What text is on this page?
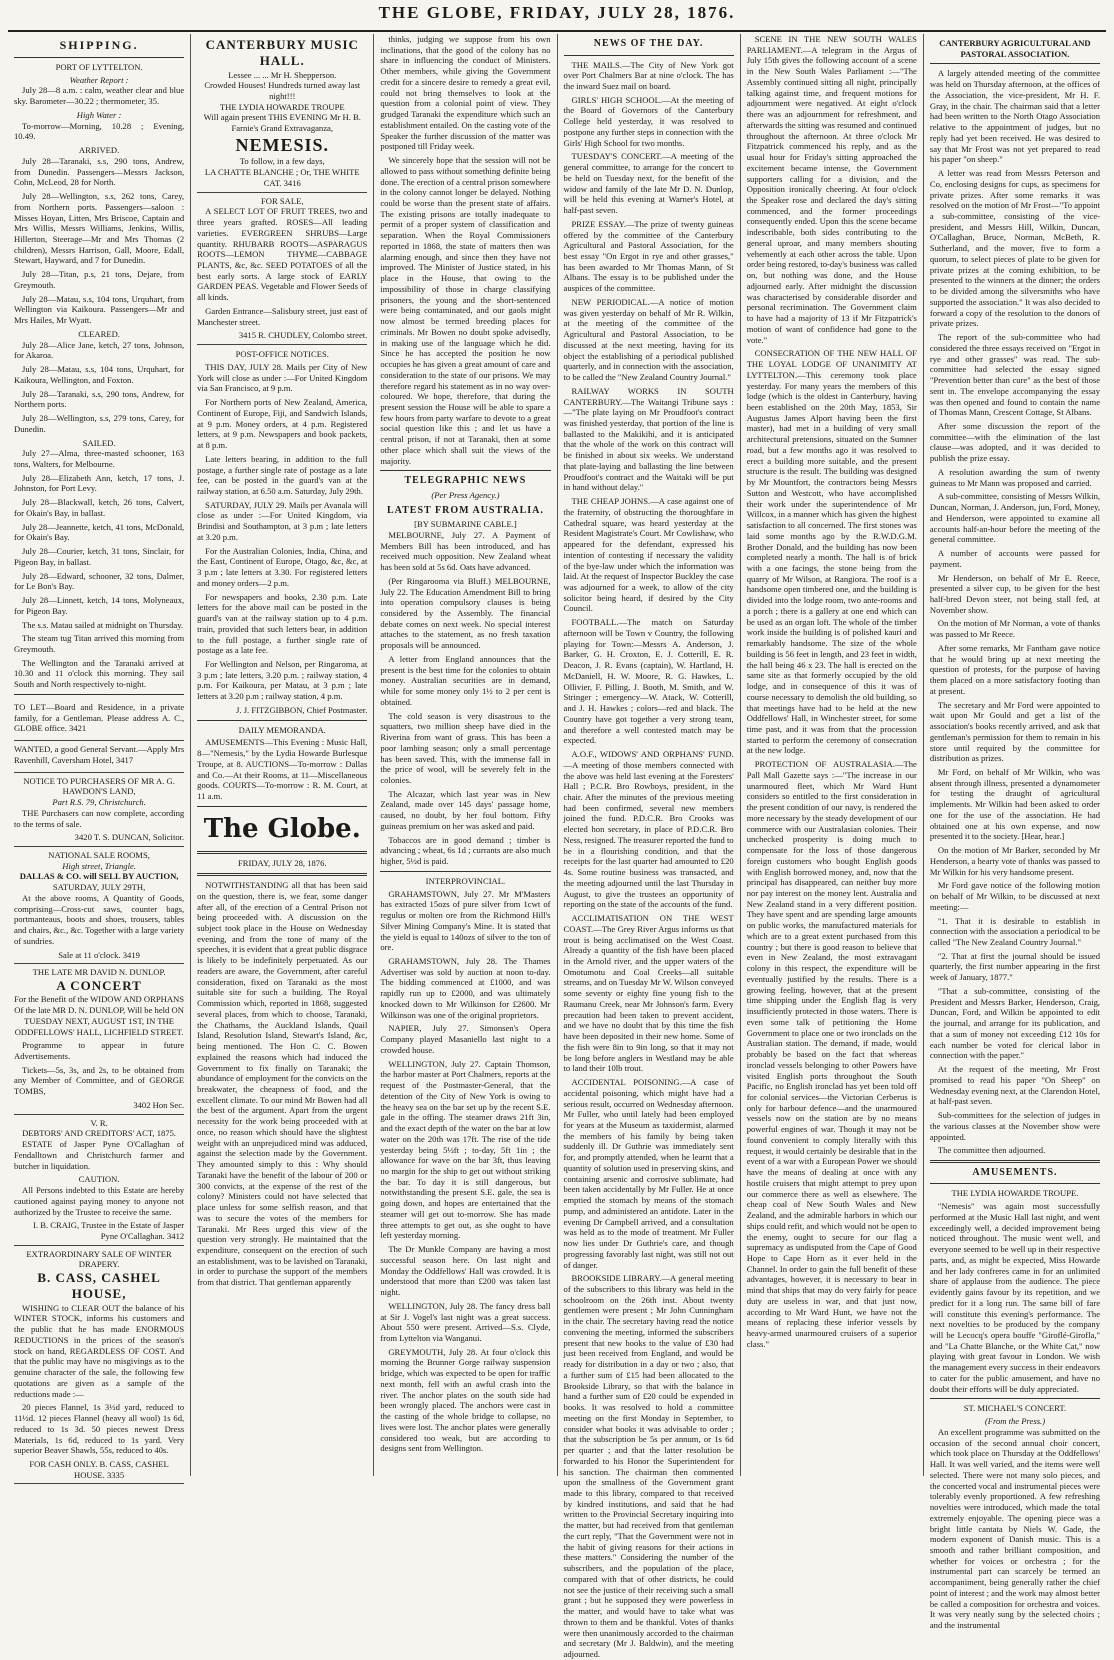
THE GLOBE, FRIDAY, JULY 28, 1876.
SHIPPING.
PORT OF LYTTELTON.
Weather Report :

July 28—8 a.m. : calm, weather clear and blue sky. Barometer—30.22 ; thermometer, 35.

High Water :

To-morrow—Morning, 10.28 ; Evening, 10.49.

ARRIVED.

July 28—Taranaki, s.s, 290 tons, Andrew, from Dunedin. Passengers—Messrs Jackson, Cohn, McLeod, 28 for North.

July 28—Wellington, s.s, 262 tons, Carey, from Northern ports. Passengers—saloon : Misses Hoyan, Litten, Mrs Briscoe, Captain and Mrs Willis, Messrs Williams, Jenkins, Willis, Hillerton, Steerage—Mr and Mrs Thomas (2 children), Messrs Harrison, Gall, Moore, Edall, Stewart, Hayward, and 7 for Dunedin.

July 28—Titan, p.s, 21 tons, Dejare, from Greymouth.

July 28—Matau, s.s, 104 tons, Urquhart, from Wellington via Kaikoura. Passengers—Mr and Mrs Hailes, Mr Wyatt.

CLEARED.

July 28—Alice Jane, ketch, 27 tons, Johnson, for Akaroa.

July 28—Matau, s.s, 104 tons, Urquhart, for Kaikoura, Wellington, and Foxton.

July 28—Taranaki, s.s, 290 tons, Andrew, for Northern ports.

July 28—Wellington, s.s, 279 tons, Carey, for Dunedin.

SAILED.

July 27—Alma, three-masted schooner, 163 tons, Walters, for Melbourne.

July 28—Elizabeth Ann, ketch, 17 tons, J. Johnston, for Port Levy.

July 28—Blackwall, ketch, 26 tons, Calvert, for Okain's Bay, in ballast.

July 28—Jeannette, ketch, 41 tons, McDonald, for Okain's Bay.

July 28—Courier, ketch, 31 tons, Sinclair, for Pigeon Bay, in ballast.

July 28—Edward, schooner, 32 tons, Dalmer, for Le Bon's Bay.

July 28—Linnett, ketch, 14 tons, Molyneaux, for Pigeon Bay.

The s.s. Matau sailed at midnight on Thursday.

The steam tug Titan arrived this morning from Greymouth.

The Wellington and the Taranaki arrived at 10.30 and 11 o'clock this morning. They sail South and North respectively to-night.

TO LET—Board and Residence, in a private family, for a Gentleman. Please address A. C., GLOBE office. 3421

WANTED, a good General Servant.—Apply Mrs Ravenhill, Caversham Hotel, 3417

NOTICE TO PURCHASERS OF MR A. G. HAWDON'S LAND,
Part R.S. 79, Christchurch.

THE Purchasers can now complete, according to the terms of sale.

3420 T. S. DUNCAN, Solicitor.
NATIONAL SALE ROOMS,
High street, Triangle.
DALLAS & CO. will SELL BY AUCTION,
SATURDAY, JULY 29TH,

At the above rooms, A Quantity of Goods, comprising—Cross-cut saws, counter bags, portmanteaus, boots and shoes, trousers, tables and chairs, &c., &c. Together with a large variety of sundries.

Sale at 11 o'clock. 3419
THE LATE MR DAVID N. DUNLOP.
A CONCERT

For the Benefit of the WIDOW AND ORPHANS Of the late MR D. N. DUNLOP, Will be held ON TUESDAY NEXT, AUGUST 1ST, IN THE ODDFELLOWS' HALL, LICHFIELD STREET.

Programme to appear in future Advertisements.

Tickets—5s, 3s, and 2s, to be obtained from any Member of Committee, and of GEORGE TOMBS,

3402 Hon Sec.
V. R.
DEBTORS' AND CREDITORS' ACT, 1875.

ESTATE of Jasper Pyne O'Callaghan of Fendalltown and Christchurch farmer and butcher in liquidation.

CAUTION.

All Persons indebted to this Estate are hereby cautioned against paying money to anyone not authorized by the Trustee to receive the same.

I. B. CRAIG, Trustee in the Estate of Jasper Pyne O'Callaghan. 3412
EXTRAORDINARY SALE OF WINTER DRAPERY.
B. CASS, CASHEL HOUSE,

WISHING to CLEAR OUT the balance of his WINTER STOCK, informs his customers and the public that he has made ENORMOUS REDUCTIONS in the prices of the season's stock on hand, REGARDLESS OF COST. And that the public may have no misgivings as to the genuine character of the sale, the following few quotations are given as a sample of the reductions made :—

20 pieces Flannel, 1s 3½d yard, reduced to 11½d. 12 pieces Flannel (heavy all wool) 1s 6d, reduced to 1s 3d. 50 pieces newest Dress Materials, 1s 6d, reduced to 1s yard. Very superior Beaver Shawls, 55s, reduced to 40s.

FOR CASH ONLY. B. CASS, CASHEL HOUSE. 3335
CANTERBURY MUSIC HALL.
Lessee ... ... Mr H. Shepperson.
Crowded Houses! Hundreds turned away last night!!!
THE LYDIA HOWARDE TROUPE
Will again present THIS EVENING Mr H. B. Farnie's Grand Extravaganza,
NEMESIS.
To follow, in a few days,
LA CHATTE BLANCHE ; Or, THE WHITE CAT. 3416
FOR SALE,

A SELECT LOT OF FRUIT TREES, two and three years grafted. ROSES—All leading varieties. EVERGREEN SHRUBS—Large quantity. RHUBARB ROOTS—ASPARAGUS ROOTS—LEMON THYME—CABBAGE PLANTS, &c, &c. SEED POTATOES of all the best early sorts. A large stock of EARLY GARDEN PEAS. Vegetable and Flower Seeds of all kinds.

Garden Entrance—Salisbury street, just east of Manchester street.

3415 R. CHUDLEY, Colombo street.
POST-OFFICE NOTICES.

THIS DAY, JULY 28. Mails per City of New York will close as under :—For United Kingdom via San Francisco, at 9 p.m.

For Northern ports of New Zealand, America, Continent of Europe, Fiji, and Sandwich Islands, at 9 p.m. Money orders, at 4 p.m. Registered letters, at 9 p.m. Newspapers and book packets, at 8 p.m.

Late letters bearing, in addition to the full postage, a further single rate of postage as a late fee, can be posted in the guard's van at the railway station, at 6.50 a.m. Saturday, July 29th.

SATURDAY, JULY 29. Mails per Avanala will close as under :—For United Kingdom, via Brindisi and Southampton, at 3 p.m ; late letters at 3.20 p.m.

For the Australian Colonies, India, China, and the East, Continent of Europe, Otago, &c, &c, at 3 p.m ; late letters at 3.30. For registered letters and money orders—2 p.m.

For newspapers and books, 2.30 p.m. Late letters for the above mail can be posted in the guard's van at the railway station up to 4 p.m. train, provided that such letters bear, in addition to the full postage, a further single rate of postage as a late fee.

For Wellington and Nelson, per Ringaroma, at 3 p.m ; late letters, 3.20 p.m. ; railway station, 4 p.m. For Kaikoura, per Matau, at 3 p.m ; late letters at 3.20 p.m ; railway station, 4 p.m.

J. J. FITZGIBBON, Chief Postmaster.
DAILY MEMORANDA.

AMUSEMENTS—This Evening : Music Hall, 8—"Nemesis," by the Lydia Howarde Burlesque Troupe, at 8. AUCTIONS—To-morrow : Dallas and Co.—At their Rooms, at 11—Miscellaneous goods. COURTS—To-morrow : R. M. Court, at 11 a.m.

The Globe.
FRIDAY, JULY 28, 1876.

NOTWITHSTANDING all that has been said on the question, there is, we fear, some danger after all, of the erection of a Central Prison not being proceeded with. A discussion on the subject took place in the House on Wednesday evening, and from the tone of many of the speeches, it is evident that a great public disgrace is likely to be indefinitely perpetuated. As our readers are aware, the Government, after careful consideration, fixed on Taranaki as the most suitable site for such a building. The Royal Commission which, reported in 1868, suggested several places, from which to choose, Taranaki, the Chathams, the Auckland Islands, Quail Island, Resolution Island, Stewart's Island, &c, being mentioned. The Hon C. C. Bowen explained the reasons which had induced the Government to fix finally on Taranaki; the abundance of employment for the convicts on the breakwater, the cheapness of food, and the excellent climate. To our mind Mr Bowen had all the best of the argument. Apart from the urgent necessity for the work being proceeded with at once, no reason which should have the slightest weight with an unprejudiced mind was adduced, against the selection made by the Government. They amounted simply to this : Why should Taranaki have the benefit of the labour of 200 or 300 convicts, at the expense of the rest of the colony? Ministers could not have selected that place unless for some selfish reason, and that was to secure the votes of the members for Taranaki. Mr Rees urged this view of the question very strongly. He maintained that the expenditure, consequent on the erection of such an establishment, was to be lavished on Taranaki, in order to purchase the support of the members from that district. That gentleman apparently

thinks, judging we suppose from his own inclinations, that the good of the colony has no share in influencing the conduct of Ministers. Other members, while giving the Government credit for a sincere desire to remedy a great evil, could not bring themselves to look at the question from a colonial point of view. They grudged Taranaki the expenditure which such an establishment entailed. On the casting vote of the Speaker the further discussion of the matter was postponed till Friday week.

We sincerely hope that the session will not be allowed to pass without something definite being done. The erection of a central prison somewhere in the colony cannot longer be delayed. Nothing could be worse than the present state of affairs. The existing prisons are totally inadequate to permit of a proper system of classification and separation. When the Royal Commissioners reported in 1868, the state of matters then was alarming enough, and since then they have not improved. The Minister of Justice stated, in his place in the House, that owing to the impossibility of those in charge classifying prisoners, the young and the short-sentenced were being contaminated, and our gaols might now almost be termed breeding places for criminals. Mr Bowen no doubt spoke advisedly, in making use of the language which he did. Since he has accepted the position he now occupies he has given a great amount of care and consideration to the state of our prisons. We may therefore regard his statement as in no way over-coloured. We hope, therefore, that during the present session the House will be able to spare a few hours from party warfare to devote to a great social question like this ; and let us have a central prison, if not at Taranaki, then at some other place which shall suit the views of the majority.

TELEGRAPHIC NEWS
(Per Press Agency.)
LATEST FROM AUSTRALIA.
[BY SUBMARINE CABLE.]

MELBOURNE, July 27. A Payment of Members Bill has been introduced, and has received much opposition. New Zealand wheat has been sold at 5s 6d. Oats have advanced.

(Per Ringarooma via Bluff.) MELBOURNE, July 22. The Education Amendment Bill to bring into operation compulsory clauses is being considered by the Assembly. The financial debate comes on next week. No special interest attaches to the statement, as no fresh taxation proposals will be announced.

A letter from England announces that the present is the best time for the colonies to obtain money. Australian securities are in demand, while for some money only 1½ to 2 per cent is obtained.

The cold season is very disastrous to the squatters, two million sheep have died in the Riverina from want of grass. This has been a poor lambing season; only a small percentage has been saved. This, with the immense fall in the price of wool, will be severely felt in the colonies.

The Alcazar, which last year was in New Zealand, made over 145 days' passage home, caused, no doubt, by her foul bottom. Fifty guineas premium on her was asked and paid.

Tobaccos are in good demand ; timber is advancing ; wheat, 6s 1d ; currants are also much higher, 5½d is paid.

INTERPROVINCIAL.

GRAHAMSTOWN, July 27. Mr M'Masters has extracted 15ozs of pure silver from 1cwt of regulus or molten ore from the Richmond Hill's Silver Mining Company's Mine. It is stated that the yield is equal to 140ozs of silver to the ton of ore.

GRAHAMSTOWN, July 28. The Thames Advertiser was sold by auction at noon to-day. The bidding commenced at £1000, and was rapidly run up to £2000, and was ultimately knocked down to Mr Wilkinson for £2600. Mr Wilkinson was one of the original proprietors.

NAPIER, July 27. Simonsen's Opera Company played Masaniello last night to a crowded house.

WELLINGTON, July 27. Captain Thomson, the harbor master at Port Chalmers, reports at the request of the Postmaster-General, that the detention of the City of New York is owing to the heavy sea on the bar set up by the recent S.E. gale in the offing. The steamer draws 21ft 3in, and the exact depth of the water on the bar at low water on the 20th was 17ft. The rise of the tide yesterday being 5½ft ; to-day, 5ft 1in ; the allowance for wave on the bar 3ft, thus leaving no margin for the ship to get out without striking the bar. To day it is still dangerous, but notwithstanding the present S.E. gale, the sea is going down, and hopes are entertained that the steamer will get out to-morrow. She has made three attempts to get out, as she ought to have left yesterday morning.

The Dr Munkle Company are having a most successful season here. On last night and Monday the Oddfellows' Hall was crowded. It is understood that more than £200 was taken last night.

WELLINGTON, July 28. The fancy dress ball at Sir J. Vogel's last night was a great success. About 550 were present. Arrived—S.s. Clyde, from Lyttelton via Wanganui.

GREYMOUTH, July 28. At four o'clock this morning the Brunner Gorge railway suspension bridge, which was expected to be open for traffic next month, fell with an awful crash into the river. The anchor plates on the south side had been wrongly placed. The anchors were cast in the casting of the whole bridge to collapse, no lives were lost. The anchor plates were generally considered too weak, but are according to designs sent from Wellington.

NEWS OF THE DAY.

THE MAILS.—The City of New York got over Port Chalmers Bar at nine o'clock. The has the inward Suez mail on board.

GIRLS' HIGH SCHOOL.—At the meeting of the Board of Governors of the Canterbury College held yesterday, it was resolved to postpone any further steps in connection with the Girls' High School for two months.

TUESDAY'S CONCERT.—A meeting of the general committee, to arrange for the concert to be held on Tuesday next, for the benefit of the widow and family of the late Mr D. N. Dunlop, will be held this evening at Warner's Hotel, at half-past seven.

PRIZE ESSAY.—The prize of twenty guineas offered by the committee of the Canterbury Agricultural and Pastoral Association, for the best essay "On Ergot in rye and other grasses," has been awarded to Mr Thomas Mann, of St Albans. The essay is to be published under the auspices of the committee.

NEW PERIODICAL.—A notice of motion was given yesterday on behalf of Mr R. Wilkin, at the meeting of the committee of the Agricultural and Pastoral Association, to be discussed at the next meeting, having for its object the establishing of a periodical published quarterly, and in connection with the association, to be called the "New Zealand Country Journal."

RAILWAY WORKS IN SOUTH CANTERBURY.—The Waitangi Tribune says :—"The plate laying on Mr Proudfoot's contract was finished yesterday, that portion of the line is ballasted to the Makikihi, and it is anticipated that the whole of the work on this contract will be finished in about six weeks. We understand that plate-laying and ballasting the line between Proudfoot's contract and the Waitaki will be put in hand without delay."

THE CHEAP JOHNS.—A case against one of the fraternity, of obstructing the thoroughfare in Cathedral square, was heard yesterday at the Resident Magistrate's Court. Mr Cowlishaw, who appeared for the defendant, expressed his intention of contesting if necessary the validity of the bye-law under which the information was laid. At the request of Inspector Buckley the case was adjourned for a week, to allow of the city solicitor being heard, if desired by the City Council.

FOOTBALL.—The match on Saturday afternoon will be Town v Country, the following playing for Town:—Messrs A. Anderson, J. Barker, G. H. Croxton, E. J. Cotterill, E. R. Deacon, J. R. Evans (captain), W. Hartland, H. McDaniell, H. W. Moore, R. G. Hawkes, L. Ollivier, F. Pilling, J. Booth, M. Smith, and W. Stringer ; emergency—W. Atack, W. Cotterill, and J. H. Hawkes ; colors—red and black. The Country have got together a very strong team, and therefore a well contested match may be expected.

A.O.F., WIDOWS' AND ORPHANS' FUND.—A meeting of those members connected with the above was held last evening at the Foresters' Hall ; P.C.R. Bro Rowboys, president, in the chair. After the minutes of the previous meeting had been confirmed, several new members joined the fund. P.D.C.R. Bro Crooks was elected hon secretary, in place of P.D.C.R. Bro Ness, resigned. The treasurer reported the fund to be in a flourishing condition, and that the receipts for the last quarter had amounted to £20 4s. Some routine business was transacted, and the meeting adjourned until the last Thursday in August, to give the trustees an opportunity of reporting on the state of the accounts of the fund.

ACCLIMATISATION ON THE WEST COAST.—The Grey River Argus informs us that trout is being acclimatised on the West Coast. Already a quantity of the fish have been placed in the Arnold river, and the upper waters of the Omotumotu and Coal Creeks—all suitable streams, and on Tuesday Mr W. Wilson conveyed some seventy or eighty fine young fish to the Raumanu Creek, near Mr Johnson's farm. Every precaution had been taken to prevent accident, and we have no doubt that by this time the fish have been deposited in their new home. Some of the fish were 8in to 9in long, so that it may not be long before anglers in Westland may be able to land their 10lb trout.

ACCIDENTAL POISONING.—A case of accidental poisoning, which might have had a serious result, occurred on Wednesday afternoon. Mr Fuller, who until lately had been employed for years at the Museum as taxidermist, alarmed the members of his family by being taken suddenly ill. Dr Guthrie was immediately sent for, and promptly attended, when he learnt that a quantity of solution used in preserving skins, and containing arsenic and corrosive sublimate, had been taken accidentally by Mr Fuller. He at once emptied the stomach by means of the stomach pump, and administered an antidote. Later in the evening Dr Campbell arrived, and a consultation was held as to the mode of treatment. Mr Fuller now lies under Dr Guthrie's care, and though progressing favorably last night, was still not out of danger.

BROOKSIDE LIBRARY.—A general meeting of the subscribers to this library was held in the schoolroom on the 26th inst. About twenty gentlemen were present ; Mr John Cunningham in the chair. The secretary having read the notice convening the meeting, informed the subscribers present that new books to the value of £30 had just been received from England, and would be ready for distribution in a day or two ; also, that a further sum of £15 had been allocated to the Brookside Library, so that with the balance in hand a further sum of £20 could be expended in books. It was resolved to hold a committee meeting on the first Monday in September, to consider what books it was advisable to order ; that the subscription be 5s per annum, or 1s 6d per quarter ; and that the latter resolution be forwarded to his Honor the Superintendent for his sanction. The chairman then commented upon the smallness of the Government grant made to this library, compared to that received by kindred institutions, and said that he had written to the Provincial Secretary inquiring into the matter, but had received from that gentleman the curt reply, "That the Government were not in the habit of giving reasons for their actions in these matters." Considering the number of the subscribers, and the population of the place, compared with that of other districts, he could not see the justice of their receiving such a small grant ; but he supposed they were powerless in the matter, and would have to take what was thrown to them and be thankful. Votes of thanks were then unanimously accorded to the chairman and secretary (Mr J. Baldwin), and the meeting adjourned.

SCENE IN THE NEW SOUTH WALES PARLIAMENT.—A telegram in the Argus of July 15th gives the following account of a scene in the New South Wales Parliament :—"The Assembly continued sitting all night, principally talking against time, and frequent motions for adjournment were negatived. At eight o'clock there was an adjournment for refreshment, and afterwards the sitting was resumed and continued throughout the afternoon. At three o'clock Mr Fitzpatrick commenced his reply, and as the usual hour for Friday's sitting approached the excitement became intense, the Government supporters calling for a division, and the Opposition ironically cheering. At four o'clock the Speaker rose and declared the day's sitting commenced, and the former proceedings consequently ended. Upon this the scene became indescribable, both sides contributing to the general uproar, and many members shouting vehemently at each other across the table. Upon order being restored, to-day's business was called on, but nothing was done, and the House adjourned early. After midnight the discussion was characterised by considerable disorder and personal recrimination. The Government claim to have had a majority of 13 if Mr Fitzpatrick's motion of want of confidence had gone to the vote."

CONSECRATION OF THE NEW HALL OF THE LOYAL LODGE OF UNANIMITY AT LYTTELTON.—This ceremony took place yesterday. For many years the members of this lodge (which is the oldest in Canterbury, having been established on the 20th May, 1853, Sir Augustus James Alport having been the first master), had met in a building of very small architectural pretensions, situated on the Sumner road, but a few months ago it was resolved to erect a building more suitable, and the present structure is the result. The building was designed by Mr Mountfort, the contractors being Messrs Sutton and Westcott, who have accomplished their work under the superintendence of Mr Willcox, in a manner which has given the highest satisfaction to all concerned. The first stones was laid some months ago by the R.W.D.G.M. Brother Donald, and the building has now been completed nearly a month. The hall is of brick with a one facings, the stone being from the quarry of Mr Wilson, at Rangiora. The roof is a handsome open timbered one, and the building is divided into the lodge room, two ante-rooms and a porch ; there is a gallery at one end which can be used as an organ loft. The whole of the timber work inside the building is of polished kauri and remarkably handsome. The size of the whole building is 56 feet in length, and 23 feet in width, the hall being 46 x 23. The hall is erected on the same site as that formerly occupied by the old lodge, and in consequence of this it was of course necessary to demolish the old building, so that meetings have had to be held at the new Oddfellows' Hall, in Winchester street, for some time past, and it was from that the procession started to perform the ceremony of consecration at the new lodge.

PROTECTION OF AUSTRALASIA.—The Pall Mall Gazette says :—"The increase in our unarmoured fleet, which Mr Ward Hunt considers so entitled to the first consideration in the present condition of our navy, is rendered the more necessary by the steady development of our commerce with our Australasian colonies. Their unchecked prosperity is doing much to compensate for the loss of those dangerous foreign customers who bought English goods with English borrowed money, and, now that the principal has disappeared, can neither buy more nor pay interest on the money lent. Australia and New Zealand stand in a very different position. They have spent and are spending large amounts on public works, the manufactured materials for which are to a great extent purchased from this country ; but there is good reason to believe that even in New Zealand, the most extravagant colony in this respect, the expenditure will be eventually justified by the results. There is a growing feeling, however, that at the present time shipping under the English flag is very insufficiently protected in those waters. There is even some talk of petitioning the Home Government to place one or two ironclads on the Australian station. The demand, if made, would probably be based on the fact that whereas ironclad vessels belonging to other Powers have visited English ports throughout the South Pacific, no English ironclad has yet been told off for colonial services—the Victorian Cerberus is only for harbour defence—and the unarmoured vessels now on the station are by no means powerful engines of war. Though it may not be found convenient to comply literally with this request, it would certainly be desirable that in the event of a war with a European Power we should have the means of dealing at once with any hostile cruisers that might attempt to prey upon our commerce there as well as elsewhere. The cheap coal of New South Wales and New Zealand, and the admirable harbors in which our ships could refit, and which would not be open to the enemy, ought to secure for our flag a supremacy as undisputed from the Cape of Good Hope to Cape Horn as it ever held in the Channel. In order to gain the full benefit of these advantages, however, it is necessary to bear in mind that ships that may do very fairly for peace duty are useless in war, and that just now, according to Mr Ward Hunt, we have not the means of replacing these inferior vessels by heavy-armed unarmoured cruisers of a superior class."

CANTERBURY AGRICULTURAL AND PASTORAL ASSOCIATION.

A largely attended meeting of the committee was held on Thursday afternoon, at the offices of the Association, the vice-president, Mr H. F. Gray, in the chair. The chairman said that a letter had been written to the North Otago Association relative to the appointment of judges, but no reply had yet been received. He was desired to say that Mr Frost was not yet prepared to read his paper "on sheep."

A letter was read from Messrs Peterson and Co, enclosing designs for cups, as specimens for private prizes. After some remarks it was resolved on the motion of Mr Frost—"To appoint a sub-committee, consisting of the vice-president, and Messrs Hill, Wilkin, Duncan, O'Callaghan, Bruce, Norman, McBeth, R. Sutherland, and the mover, five to form a quorum, to select pieces of plate to be given for private prizes at the coming exhibition, to be presented to the winners at the dinner; the orders to be divided among the silversmiths who have supported the association." It was also decided to forward a copy of the resolution to the donors of private prizes.

The report of the sub-committee who had considered the three essays received on "Ergot in rye and other grasses" was read. The sub-committee had selected the essay signed "Prevention better than cure" as the best of those sent in. The envelope accompanying the essay was then opened and found to contain the name of Thomas Mann, Crescent Cottage, St Albans.

After some discussion the report of the committee—with the elimination of the last clause—was adopted, and it was decided to publish the prize essay.

A resolution awarding the sum of twenty guineas to Mr Mann was proposed and carried.

A sub-committee, consisting of Messrs Wilkin, Duncan, Norman, J. Anderson, jun, Ford, Money, and Henderson, were appointed to examine all accounts half-an-hour before the meeting of the general committee.

A number of accounts were passed for payment.

Mr Henderson, on behalf of Mr E. Reece, presented a silver cup, to be given for the best half-bred Devon steer, not being stall fed, at November show.

On the motion of Mr Norman, a vote of thanks was passed to Mr Reece.

After some remarks, Mr Fantham gave notice that he would bring up at next meeting the question of protests, for the purpose of having them placed on a more satisfactory footing than at present.

The secretary and Mr Ford were appointed to wait upon Mr Gould and get a list of the association's books recently arrived, and ask that gentleman's permission for them to remain in his store until required by the committee for distribution as prizes.

Mr Ford, on behalf of Mr Wilkin, who was absent through illness, presented a dynamometer for testing the draught of agricultural implements. Mr Wilkin had been asked to order one for the use of the association. He had obtained one at his own expense, and now presented it to the society. [Hear, hear.]

On the motion of Mr Barker, seconded by Mr Henderson, a hearty vote of thanks was passed to Mr Wilkin for his very handsome present.

Mr Ford gave notice of the following motion on behalf of Mr Wilkin, to be discussed at next meeting:—

"1. That it is desirable to establish in connection with the association a periodical to be called "The New Zealand Country Journal."

"2. That at first the journal should be issued quarterly, the first number appearing in the first week of January, 1877."

"That a sub-committee, consisting of the President and Messrs Barker, Henderson, Craig, Duncan, Ford, and Wilkin be appointed to edit the journal, and arrange for its publication, and that a sum of money not exceeding £12 10s for each number be voted for clerical labor in connection with the paper."

At the request of the meeting, Mr Frost promised to read his paper "On Sheep" on Wednesday evening next, at the Clarendon Hotel, at half-past seven.

Sub-committees for the selection of judges in the various classes at the November show were appointed.

The committee then adjourned.

AMUSEMENTS.
THE LYDIA HOWARDE TROUPE.

"Nemesis" was again most successfully performed at the Music Hall last night, and went exceedingly well, a decided improvement being noticed throughout. The music went well, and everyone seemed to be well up in their respective parts, and, as might be expected, Miss Howarde and her lady confreres came in for an unlimited share of applause from the audience. The piece evidently gains favour by its repetition, and we predict for it a long run. The same bill of fare will constitute this evening's performance. The next novelties to be produced by the company will be Lecocq's opera bouffe "Giroflé-Girofla," and "La Chatte Blanche, or the White Cat," now playing with great favour in London. We wish the management every success in their endeavors to cater for the public amusement, and have no doubt their efforts will be duly appreciated.

ST. MICHAEL'S CONCERT.
(From the Press.)

An excellent programme was submitted on the occasion of the second annual choir concert, which took place on Thursday at the Oddfellows' Hall. It was well varied, and the items were well selected. There were not many solo pieces, and the concerted vocal and instrumental pieces were tolerably evenly proportioned. A few refreshing novelties were introduced, which made the total extremely enjoyable. The opening piece was a bright little cantata by Niels W. Gade, the modern exponent of Danish music. This is a smooth and rather brilliant composition, and whether for voices or orchestra ; for the instrumental part can scarcely be termed an accompaniment, being generally rather the chief point of interest ; and the work may almost better be called a composition for orchestra and voices. It was very neatly sung by the selected choirs ; and the instrumental
